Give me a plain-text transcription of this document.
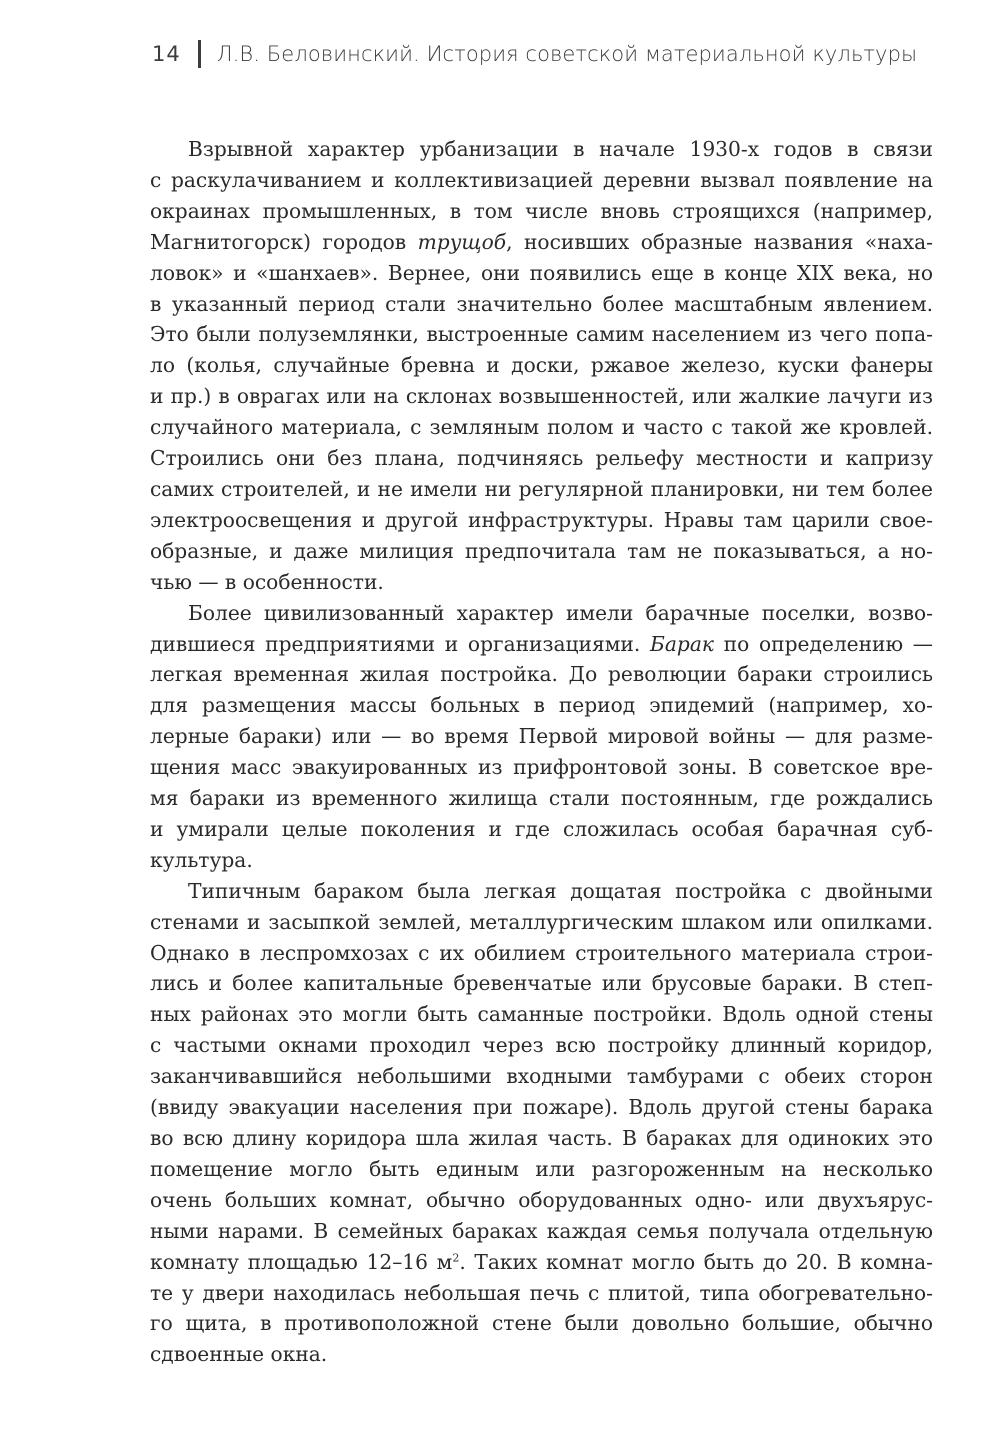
14 Л.В. Беловинский. История советской материальной культуры

Взрывной характер урбанизации в начале 1930-х годов в связи
с раскулачиванием и коллективизацией деревни вызвал появление на
окраинах промышленных, в том числе вновь строящихся (например,
Магнитогорск) городов трущоб, носивших образные названия «наха-
ловок» и «шанхаев». Вернее, они появились еще в конце XIX века, но
в указанный период стали значительно более масштабным явлением.
Это были полуземлянки, выстроенные самим населением из чего попа-
ло (колья, случайные бревна и доски, ржавое железо, куски фанеры
и пр.) в оврагах или на склонах возвышенностей, или жалкие лачуги из
случайного материала, с земляным полом и часто с такой же кровлей.
Строились они без плана, подчиняясь рельефу местности и капризу
самих строителей, и не имели ни регулярной планировки, ни тем более
электроосвещения и другой инфраструктуры. Нравы там царили свое-
образные, и даже милиция предпочитала там не показываться, а но-
чью — в особенности.

Более цивилизованный характер имели барачные поселки, возво-
дившиеся предприятиями и организациями. Барак по определению —
легкая временная жилая постройка. До революции бараки строились
для размещения массы больных в период эпидемий (например, хо-
лерные бараки) или — во время Первой мировой войны — для разме-
щения масс эвакуированных из прифронтовой зоны. В советское вре-
мя бараки из временного жилища стали постоянным, где рождались
и умирали целые поколения и где сложилась особая барачная суб-
культура.

Типичным бараком была легкая дощатая постройка с двойными
стенами и засыпкой землей, металлургическим шлаком или опилками.
Однако в леспромхозах с их обилием строительного материала строи-
лись и более капитальные бревенчатые или брусовые бараки. В степ-
ных районах это могли быть саманные постройки. Вдоль одной стены
с частыми окнами проходил через всю постройку длинный коридор,
заканчивавшийся небольшими входными тамбурами с обеих сторон
(ввиду эвакуации населения при пожаре). Вдоль другой стены барака
во всю длину коридора шла жилая часть. В бараках для одиноких это
помещение могло быть единым или разгороженным на несколько
очень больших комнат, обычно оборудованных одно- или двухъярус-
ными нарами. В семейных бараках каждая семья получала отдельную
комнату площадью 12–16 $м^2$. Таких комнат могло быть до 20. В комна-
те у двери находилась небольшая печь с плитой, типа обогревательно-
го щита, в противоположной стене были довольно большие, обычно
сдвоенные окна.
